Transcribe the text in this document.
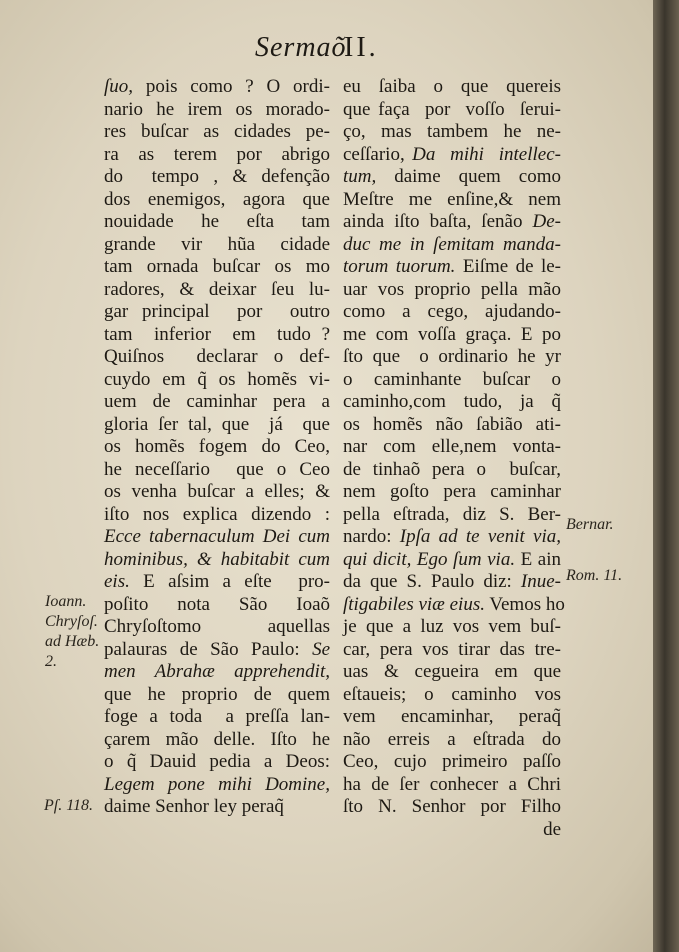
Sermaõ
II.
ſuo, pois como ? O ordi-
nario he irem os morado-
res buſcar as cidades pe-
ra  as  terem  por  abrigo
do  tempo , & defenção
dos enemigos, agora que
nouidade  he  eſta  tam
grande  vir  hũa  cidade
tam ornada buſcar os mo
radores, & deixar ſeu lu-
gar principal  por  outro
tam  inferior  em  tudo ?
Quiſnos  declarar o def-
cuydo em q̃ os homẽs vi-
uem de caminhar pera a
gloria ſer tal, que  já  que
os homẽs fogem do Ceo,
he neceſſario  que o Ceo
os venha buſcar a elles; &
iſto nos explica dizendo :
Ecce tabernaculum Dei cum
hominibus, & habitabit cum
eis. E aſsim a eſte  pro-
poſito  nota  São  Ioaõ
Chryſoſtomo     aquellas
palauras de São Paulo: Se
men Abrahæ apprehendit,
que he proprio de quem
foge a toda  a preſſa lan-
çarem mão delle. Iſto he
o q̃ Dauid pedia a Deos:
Legem pone mihi Domine,
daime Senhor ley peraq̃
eu  ſaiba  o  que  quereis
que faça  por  voſſo  ſerui-
ço, mas tambem he ne-
ceſſario, Da  mihi  intellec-
tum, daime quem como
Meſtre me enſine,& nem
ainda iſto baſta, ſenão De-
duc me in ſemitam manda-
torum tuorum. Eiſme de le-
uar vos proprio pella mão
como a cego, ajudando-
me com voſſa graça. E po
ſto que  o ordinario he yr
o  caminhante  buſcar  o
caminho,com tudo, ja q̃
os homẽs não ſabião ati-
nar com elle,nem vonta-
de tinhaõ pera o  buſcar,
nem goſto pera caminhar
pella eſtrada, diz S. Ber-
nardo: Ipſa ad te venit via,
qui dicit, Ego ſum via. E ain
da que S. Paulo diz: Inue-
ſtigabiles viæ eius. Vemos ho
je que a luz vos vem buſ-
car, pera vos tirar das tre-
uas  &  cegueira  em  que
eſtaueis; o caminho vos
vem encaminhar, peraq̃
não  erreis  a  eſtrada  do
Ceo, cujo primeiro paſſo
ha de ſer conhecer a Chri
ſto N. Senhor por Filho
de
Ioann.
Chryſoſ.
ad Hæb.
2.
Pſ. 118.
Bernar.
Rom. 11.
